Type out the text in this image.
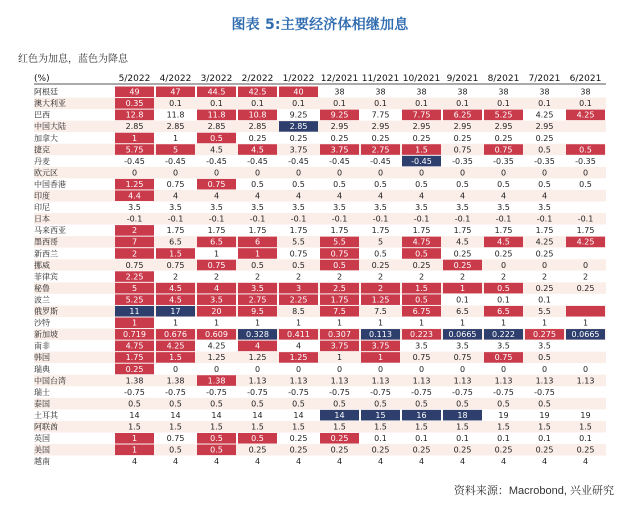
图表 5:主要经济体相继加息
红色为加息，蓝色为降息
(%)	5/2022 4/2022 3/2022 2/2022 1/2022 12/2021 11/2021 10/2021 9/2021 8/2021 7/2021 6/2021
阿根廷	49	47	44.5	42.5	40	38	38	38	38	38	38	38
澳大利亚	0.35	0.1	0.1	0.1	0.1	0.1	0.1	0.1	0.1	0.1	0.1	0.1
巴西	12.8	11.8	11.8	10.8	9.25	9.25	7.75	7.75	6.25	5.25	4.25	4.25
中国大陆	2.85	2.85	2.85	2.85	2.85	2.95	2.95	2.95	2.95	2.95	2.95
加拿大	1	1	0.5	0.25	0.25	0.25	0.25	0.25	0.25	0.25	0.25
捷克	5.75	5	4.5	4.5	3.75	3.75	2.75	1.5	0.75	0.75	0.5	0.5
丹麦	-0.45	-0.45	-0.45	-0.45	-0.45	-0.45	-0.45	-0.45	-0.35	-0.35	-0.35	-0.35
欧元区	0	0	0	0	0	0	0	0	0	0	0	0
中国香港	1.25	0.75	0.75	0.5	0.5	0.5	0.5	0.5	0.5	0.5	0.5	0.5
印度	4.4	4	4	4	4	4	4	4	4	4	4
印尼	3.5	3.5	3.5	3.5	3.5	3.5	3.5	3.5	3.5	3.5	3.5
日本	-0.1	-0.1	-0.1	-0.1	-0.1	-0.1	-0.1	-0.1	-0.1	-0.1	-0.1	-0.1
马来西亚	2	1.75	1.75	1.75	1.75	1.75	1.75	1.75	1.75	1.75	1.75	1.75
墨西哥	7	6.5	6.5	6	5.5	5.5	5	4.75	4.5	4.5	4.25	4.25
新西兰	2	1.5	1	1	0.75	0.75	0.5	0.5	0.25	0.25	0.25
挪威	0.75	0.75	0.75	0.5	0.5	0.5	0.25	0.25	0.25	0	0	0
菲律宾	2.25	2	2	2	2	2	2	2	2	2	2	2
秘鲁	5	4.5	4	3.5	3	2.5	2	1.5	1	0.5	0.25	0.25
波兰	5.25	4.5	3.5	2.75	2.25	1.75	1.25	0.5	0.1	0.1	0.1
俄罗斯	11	17	20	9.5	8.5	7.5	7.5	6.75	6.5	6.5	5.5
沙特	1	1	1	1	1	1	1	1	1	1	1	1
新加坡	0.719 0.676 0.609 0.328 0.411 0.307 0.113 0.223 0.0665 0.222 0.275 0.0665
南非	4.75	4.25	4.25	4	4	3.75	3.75	3.5	3.5	3.5	3.5
韩国	1.75	1.5	1.25	1.25	1.25	1	1	0.75	0.75	0.75	0.5
瑞典	0.25	0	0	0	0	0	0	0	0	0	0	0
中国台湾	1.38	1.38	1.38	1.13	1.13	1.13	1.13	1.13	1.13	1.13	1.13	1.13
瑞士	-0.75	-0.75	-0.75	-0.75	-0.75	-0.75	-0.75	-0.75	-0.75	-0.75	-0.75
泰国	0.5	0.5	0.5	0.5	0.5	0.5	0.5	0.5	0.5	0.5	0.5
土耳其	14	14	14	14	14	14	15	16	18	19	19	19
阿联酋	1.5	1.5	1.5	1.5	1.5	1.5	1.5	1.5	1.5	1.5	1.5	1.5
英国	1	0.75	0.5	0.5	0.25	0.25	0.1	0.1	0.1	0.1	0.1	0.1
美国	1	0.5	0.5	0.25	0.25	0.25	0.25	0.25	0.25	0.25	0.25	0.25
越南	4	4	4	4	4	4	4	4	4	4	4	4
资料来源：Macrobond, 兴业研究
